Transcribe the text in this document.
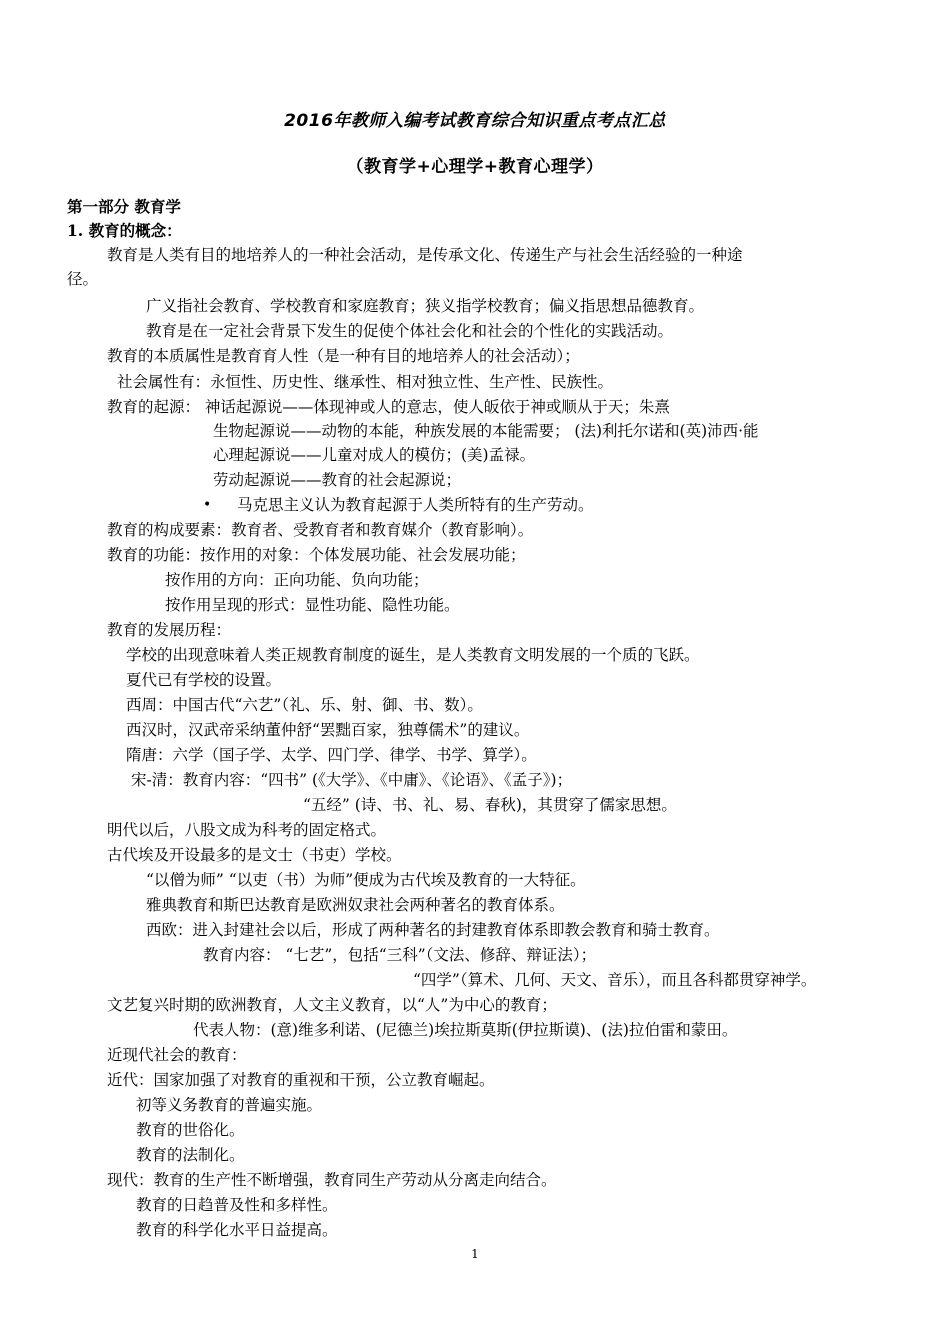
2016年教师入编考试教育综合知识重点考点汇总
（教育学+心理学+教育心理学）
第一部分 教育学
1. 教育的概念：
教育是人类有目的地培养人的一种社会活动，是传承文化、传递生产与社会生活经验的一种途
径。
广义指社会教育、学校教育和家庭教育；狭义指学校教育；偏义指思想品德教育。
教育是在一定社会背景下发生的促使个体社会化和社会的个性化的实践活动。
教育的本质属性是教育育人性（是一种有目的地培养人的社会活动）；
社会属性有：永恒性、历史性、继承性、相对独立性、生产性、民族性。
教育的起源： 神话起源说——体现神或人的意志，使人皈依于神或顺从于天；朱熹
生物起源说——动物的本能，种族发展的本能需要； (法)利托尔诺和(英)沛西·能
心理起源说——儿童对成人的模仿；(美)孟禄。
劳动起源说——教育的社会起源说；
• 马克思主义认为教育起源于人类所特有的生产劳动。
教育的构成要素：教育者、受教育者和教育媒介（教育影响）。
教育的功能：按作用的对象：个体发展功能、社会发展功能；
按作用的方向：正向功能、负向功能；
按作用呈现的形式：显性功能、隐性功能。
教育的发展历程：
学校的出现意味着人类正规教育制度的诞生，是人类教育文明发展的一个质的飞跃。
夏代已有学校的设置。
西周：中国古代“六艺”（礼、乐、射、御、书、数）。
西汉时，汉武帝采纳董仲舒“罢黜百家，独尊儒术”的建议。
隋唐：六学（国子学、太学、四门学、律学、书学、算学）。
宋-清：教育内容：“四书” (《大学》、《中庸》、《论语》、《孟子》)；
“五经” (诗、书、礼、易、春秋)，其贯穿了儒家思想。
明代以后，八股文成为科考的固定格式。
古代埃及开设最多的是文士（书吏）学校。
“以僧为师” “以吏（书）为师”便成为古代埃及教育的一大特征。
雅典教育和斯巴达教育是欧洲奴隶社会两种著名的教育体系。
西欧：进入封建社会以后，形成了两种著名的封建教育体系即教会教育和骑士教育。
教育内容： “七艺”，包括“三科”（文法、修辞、辩证法）；
“四学”（算术、几何、天文、音乐），而且各科都贯穿神学。
文艺复兴时期的欧洲教育，人文主义教育，以“人”为中心的教育；
代表人物：(意)维多利诺、(尼德兰)埃拉斯莫斯(伊拉斯谟)、(法)拉伯雷和蒙田。
近现代社会的教育：
近代：国家加强了对教育的重视和干预，公立教育崛起。
初等义务教育的普遍实施。
教育的世俗化。
教育的法制化。
现代：教育的生产性不断增强，教育同生产劳动从分离走向结合。
教育的日趋普及性和多样性。
教育的科学化水平日益提高。
1
